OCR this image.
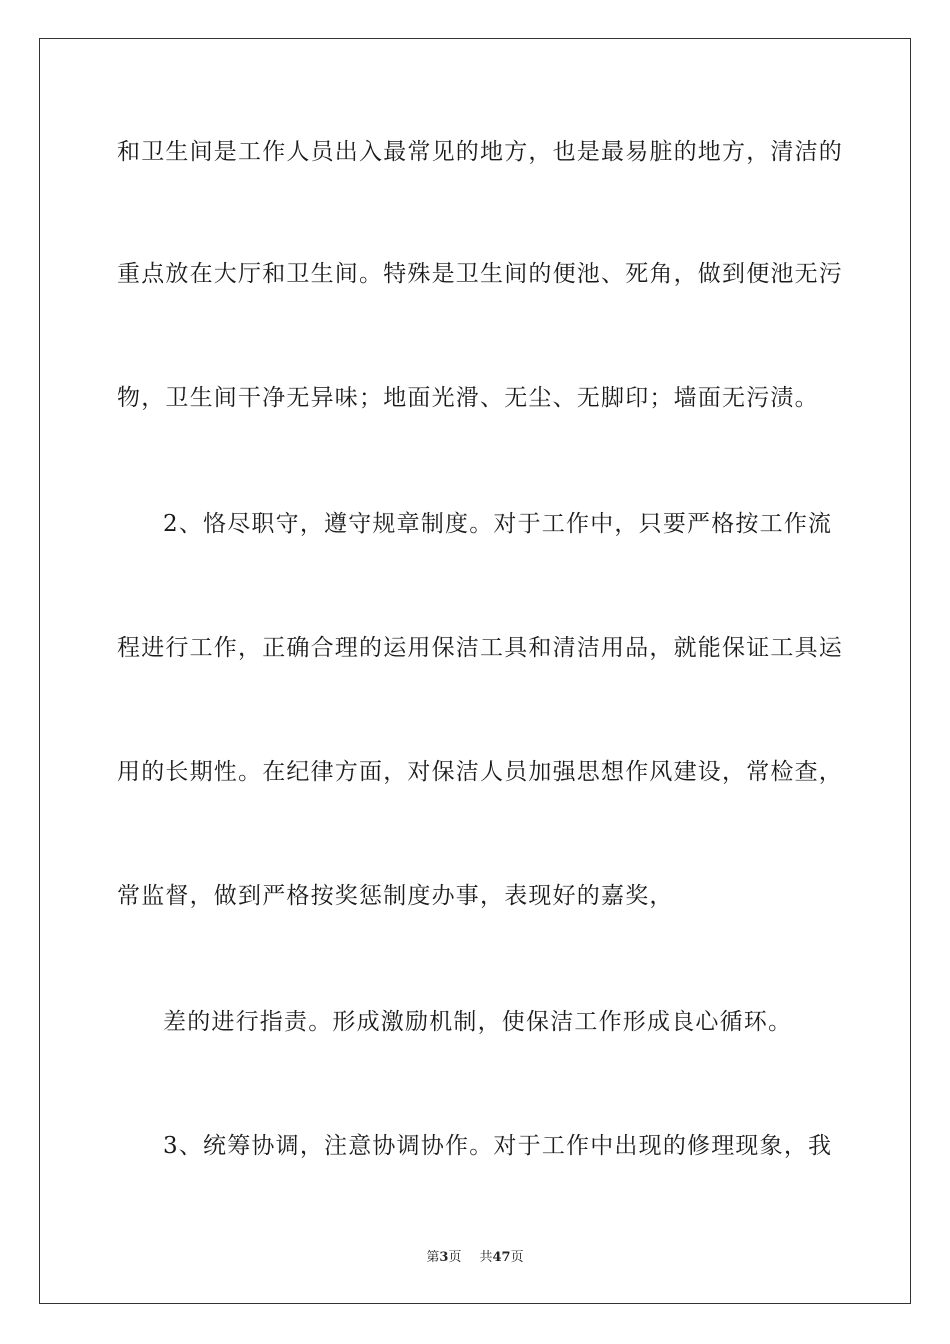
和卫生间是工作人员出入最常见的地方，也是最易脏的地方，清洁的
重点放在大厅和卫生间。特殊是卫生间的便池、死角，做到便池无污
物，卫生间干净无异味；地面光滑、无尘、无脚印；墙面无污渍。
2、恪尽职守，遵守规章制度。对于工作中，只要严格按工作流
程进行工作，正确合理的运用保洁工具和清洁用品，就能保证工具运
用的长期性。在纪律方面，对保洁人员加强思想作风建设，常检查，
常监督，做到严格按奖惩制度办事，表现好的嘉奖，
差的进行指责。形成激励机制，使保洁工作形成良心循环。
3、统筹协调，注意协调协作。对于工作中出现的修理现象，我
第3页 共47页
